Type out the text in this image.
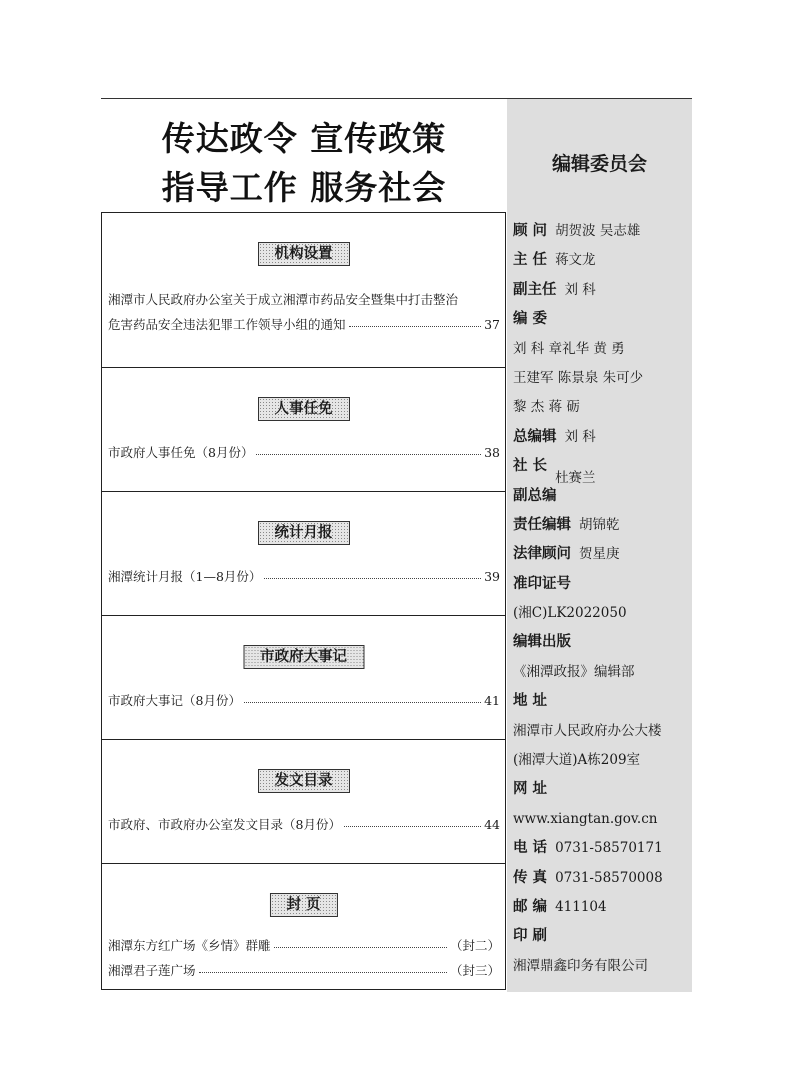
传达政令 宣传政策
指导工作 服务社会
编辑委员会
顾 问 胡贺波 吴志雄
主 任 蒋文龙
副主任 刘 科
编 委
刘 科 章礼华 黄 勇
王建军 陈景泉 朱可少
黎 杰 蒋 砺
总编辑 刘 科
社 长杜赛兰
副总编
责任编辑 胡锦乾
法律顾问 贺星庚
准印证号
(湘C)LK2022050
编辑出版
《湘潭政报》编辑部
地 址
湘潭市人民政府办公大楼
(湘潭大道)A栋209室
网 址
www.xiangtan.gov.cn
电 话 0731-58570171
传 真 0731-58570008
邮 编 411104
印 刷
湘潭鼎鑫印务有限公司
机构设置
湘潭市人民政府办公室关于成立湘潭市药品安全暨集中打击整治
危害药品安全违法犯罪工作领导小组的通知	37
人事任免
市政府人事任免（8月份）	38
统计月报
湘潭统计月报（1—8月份）	39
市政府大事记
市政府大事记（8月份）	41
发文目录
市政府、市政府办公室发文目录（8月份）	44
封 页
湘潭东方红广场《乡情》群雕	（封二）
湘潭君子莲广场	（封三）
